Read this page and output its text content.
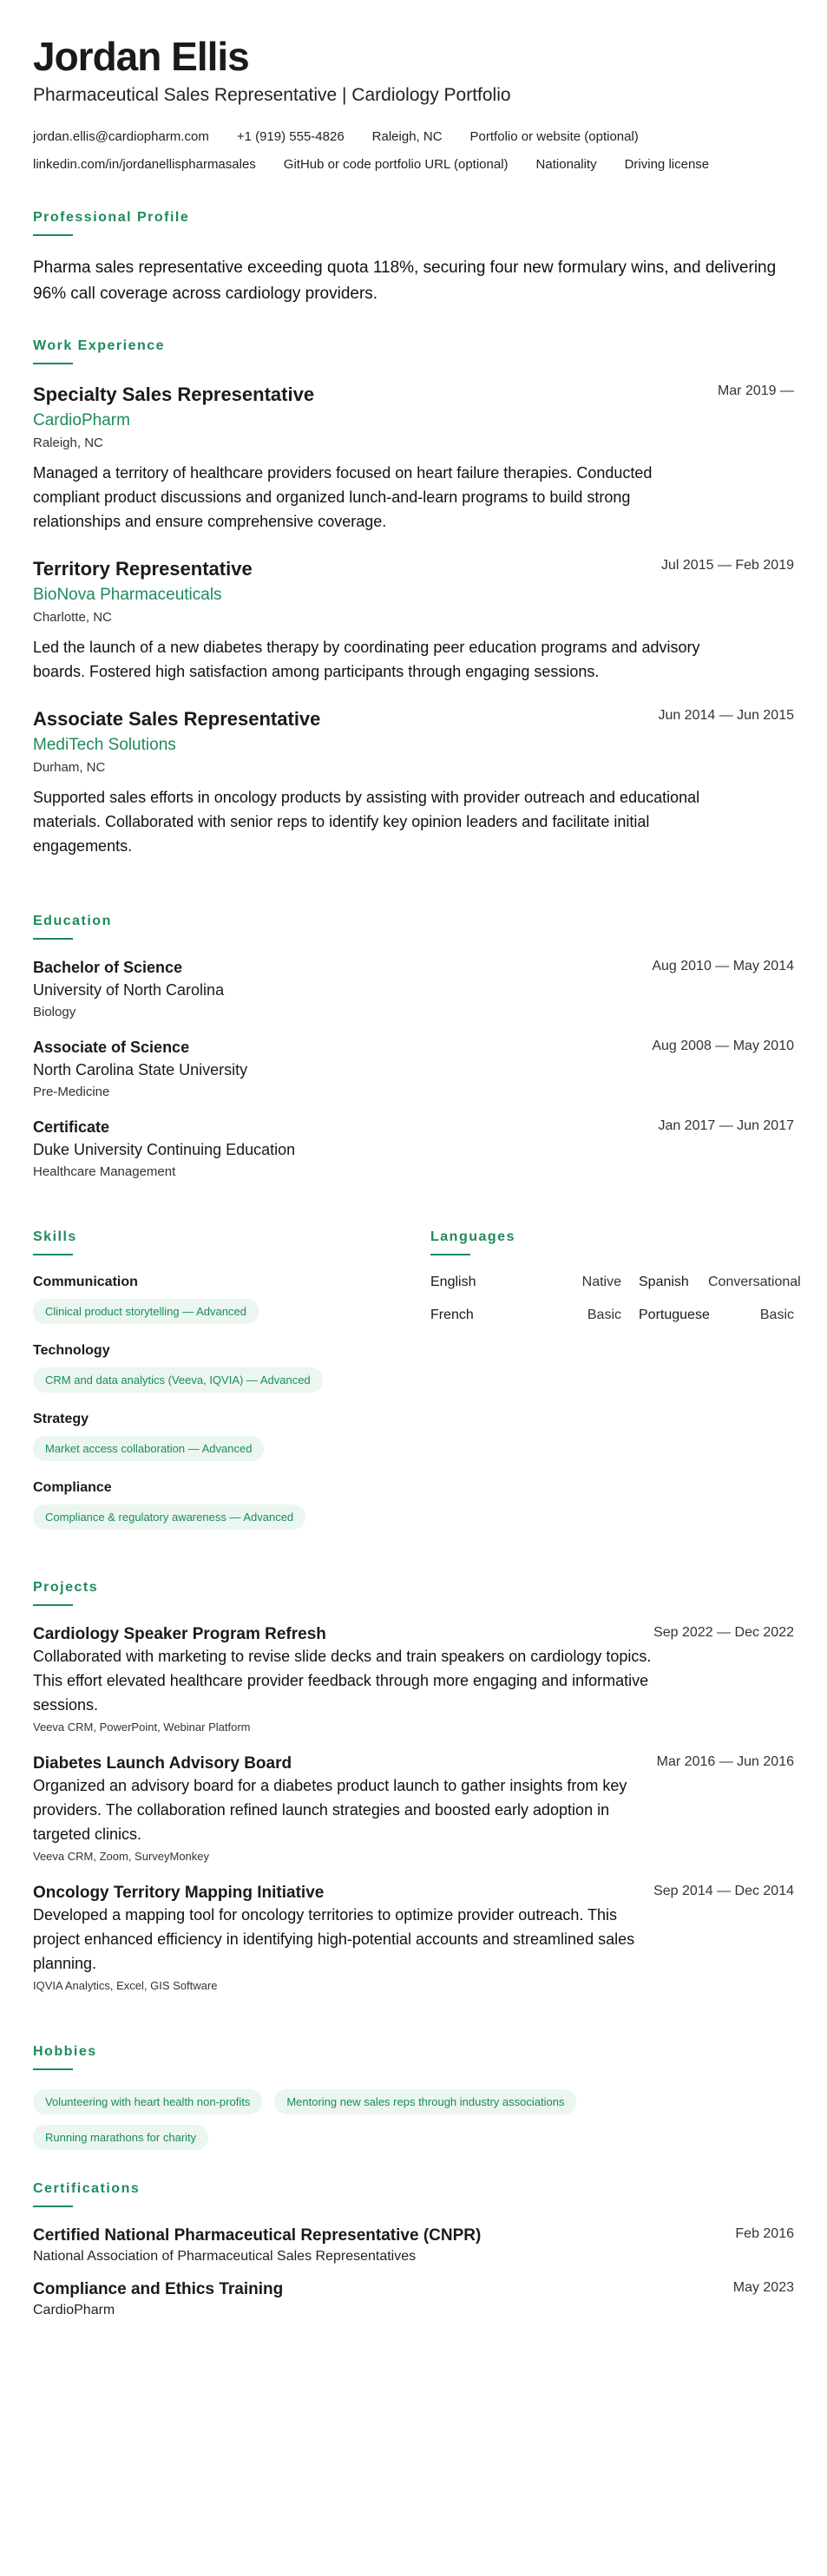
Jordan Ellis
Pharmaceutical Sales Representative | Cardiology Portfolio
jordan.ellis@cardiopharm.com +1 (919) 555-4826 Raleigh, NC Portfolio or website (optional)
linkedin.com/in/jordanellispharmasales GitHub or code portfolio URL (optional) Nationality Driving license
Professional Profile
Pharma sales representative exceeding quota 118%, securing four new formulary wins, and delivering 96% call coverage across cardiology providers.
Work Experience
Specialty Sales Representative	Mar 2019 —
CardioPharm
Raleigh, NC
Managed a territory of healthcare providers focused on heart failure therapies. Conducted compliant product discussions and organized lunch-and-learn programs to build strong relationships and ensure comprehensive coverage.
Territory Representative	Jul 2015 — Feb 2019
BioNova Pharmaceuticals
Charlotte, NC
Led the launch of a new diabetes therapy by coordinating peer education programs and advisory boards. Fostered high satisfaction among participants through engaging sessions.
Associate Sales Representative	Jun 2014 — Jun 2015
MediTech Solutions
Durham, NC
Supported sales efforts in oncology products by assisting with provider outreach and educational materials. Collaborated with senior reps to identify key opinion leaders and facilitate initial engagements.
Education
Bachelor of Science	Aug 2010 — May 2014
University of North Carolina
Biology
Associate of Science	Aug 2008 — May 2010
North Carolina State University
Pre-Medicine
Certificate	Jan 2017 — Jun 2017
Duke University Continuing Education
Healthcare Management
Skills
Communication
Clinical product storytelling — Advanced
Technology
CRM and data analytics (Veeva, IQVIA) — Advanced
Strategy
Market access collaboration — Advanced
Compliance
Compliance & regulatory awareness — Advanced
Languages
English	Native	Spanish	Conversational
French	Basic	Portuguese	Basic
Projects
Cardiology Speaker Program Refresh	Sep 2022 — Dec 2022
Collaborated with marketing to revise slide decks and train speakers on cardiology topics. This effort elevated healthcare provider feedback through more engaging and informative sessions.
Veeva CRM, PowerPoint, Webinar Platform
Diabetes Launch Advisory Board	Mar 2016 — Jun 2016
Organized an advisory board for a diabetes product launch to gather insights from key providers. The collaboration refined launch strategies and boosted early adoption in targeted clinics.
Veeva CRM, Zoom, SurveyMonkey
Oncology Territory Mapping Initiative	Sep 2014 — Dec 2014
Developed a mapping tool for oncology territories to optimize provider outreach. This project enhanced efficiency in identifying high-potential accounts and streamlined sales planning.
IQVIA Analytics, Excel, GIS Software
Hobbies
Volunteering with heart health non-profits	Mentoring new sales reps through industry associations
Running marathons for charity
Certifications
Certified National Pharmaceutical Representative (CNPR)	Feb 2016
National Association of Pharmaceutical Sales Representatives
Compliance and Ethics Training	May 2023
CardioPharm
